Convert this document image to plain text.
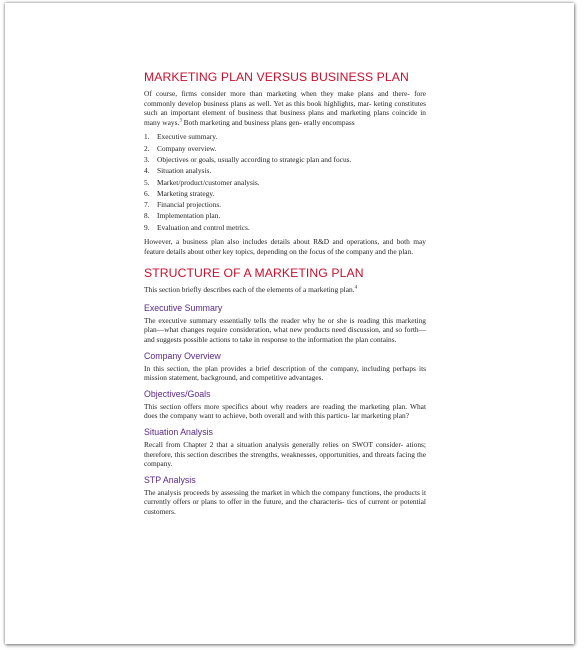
MARKETING PLAN VERSUS BUSINESS PLAN

Of course, firms consider more than marketing when they make plans and there- fore commonly develop business plans as well. Yet as this book highlights, mar- keting constitutes such an important element of business that business plans and marketing plans coincide in many ways.$^3$ Both marketing and business plans gen- erally encompass

1.	Executive summary.
2.	Company overview.
3.	Objectives or goals, usually according to strategic plan and focus.
4.	Situation analysis.
5.	Market/product/customer analysis.
6.	Marketing strategy.
7.	Financial projections.
8.	Implementation plan.
9.	Evaluation and control metrics.

However, a business plan also includes details about R&D and operations, and both may feature details about other key topics, depending on the focus of the company and the plan.

STRUCTURE OF A MARKETING PLAN

This section briefly describes each of the elements of a marketing plan.$^4$

Executive Summary

The executive summary essentially tells the reader why he or she is reading this marketing plan—what changes require consideration, what new products need discussion, and so forth—and suggests possible actions to take in response to the information the plan contains.

Company Overview

In this section, the plan provides a brief description of the company, including perhaps its mission statement, background, and competitive advantages.

Objectives/Goals

This section offers more specifics about why readers are reading the marketing plan. What does the company want to achieve, both overall and with this particu- lar marketing plan?

Situation Analysis

Recall from Chapter 2 that a situation analysis generally relies on SWOT consider- ations; therefore, this section describes the strengths, weaknesses, opportunities, and threats facing the company.

STP Analysis

The analysis proceeds by assessing the market in which the company functions, the products it currently offers or plans to offer in the future, and the characteris- tics of current or potential customers.
